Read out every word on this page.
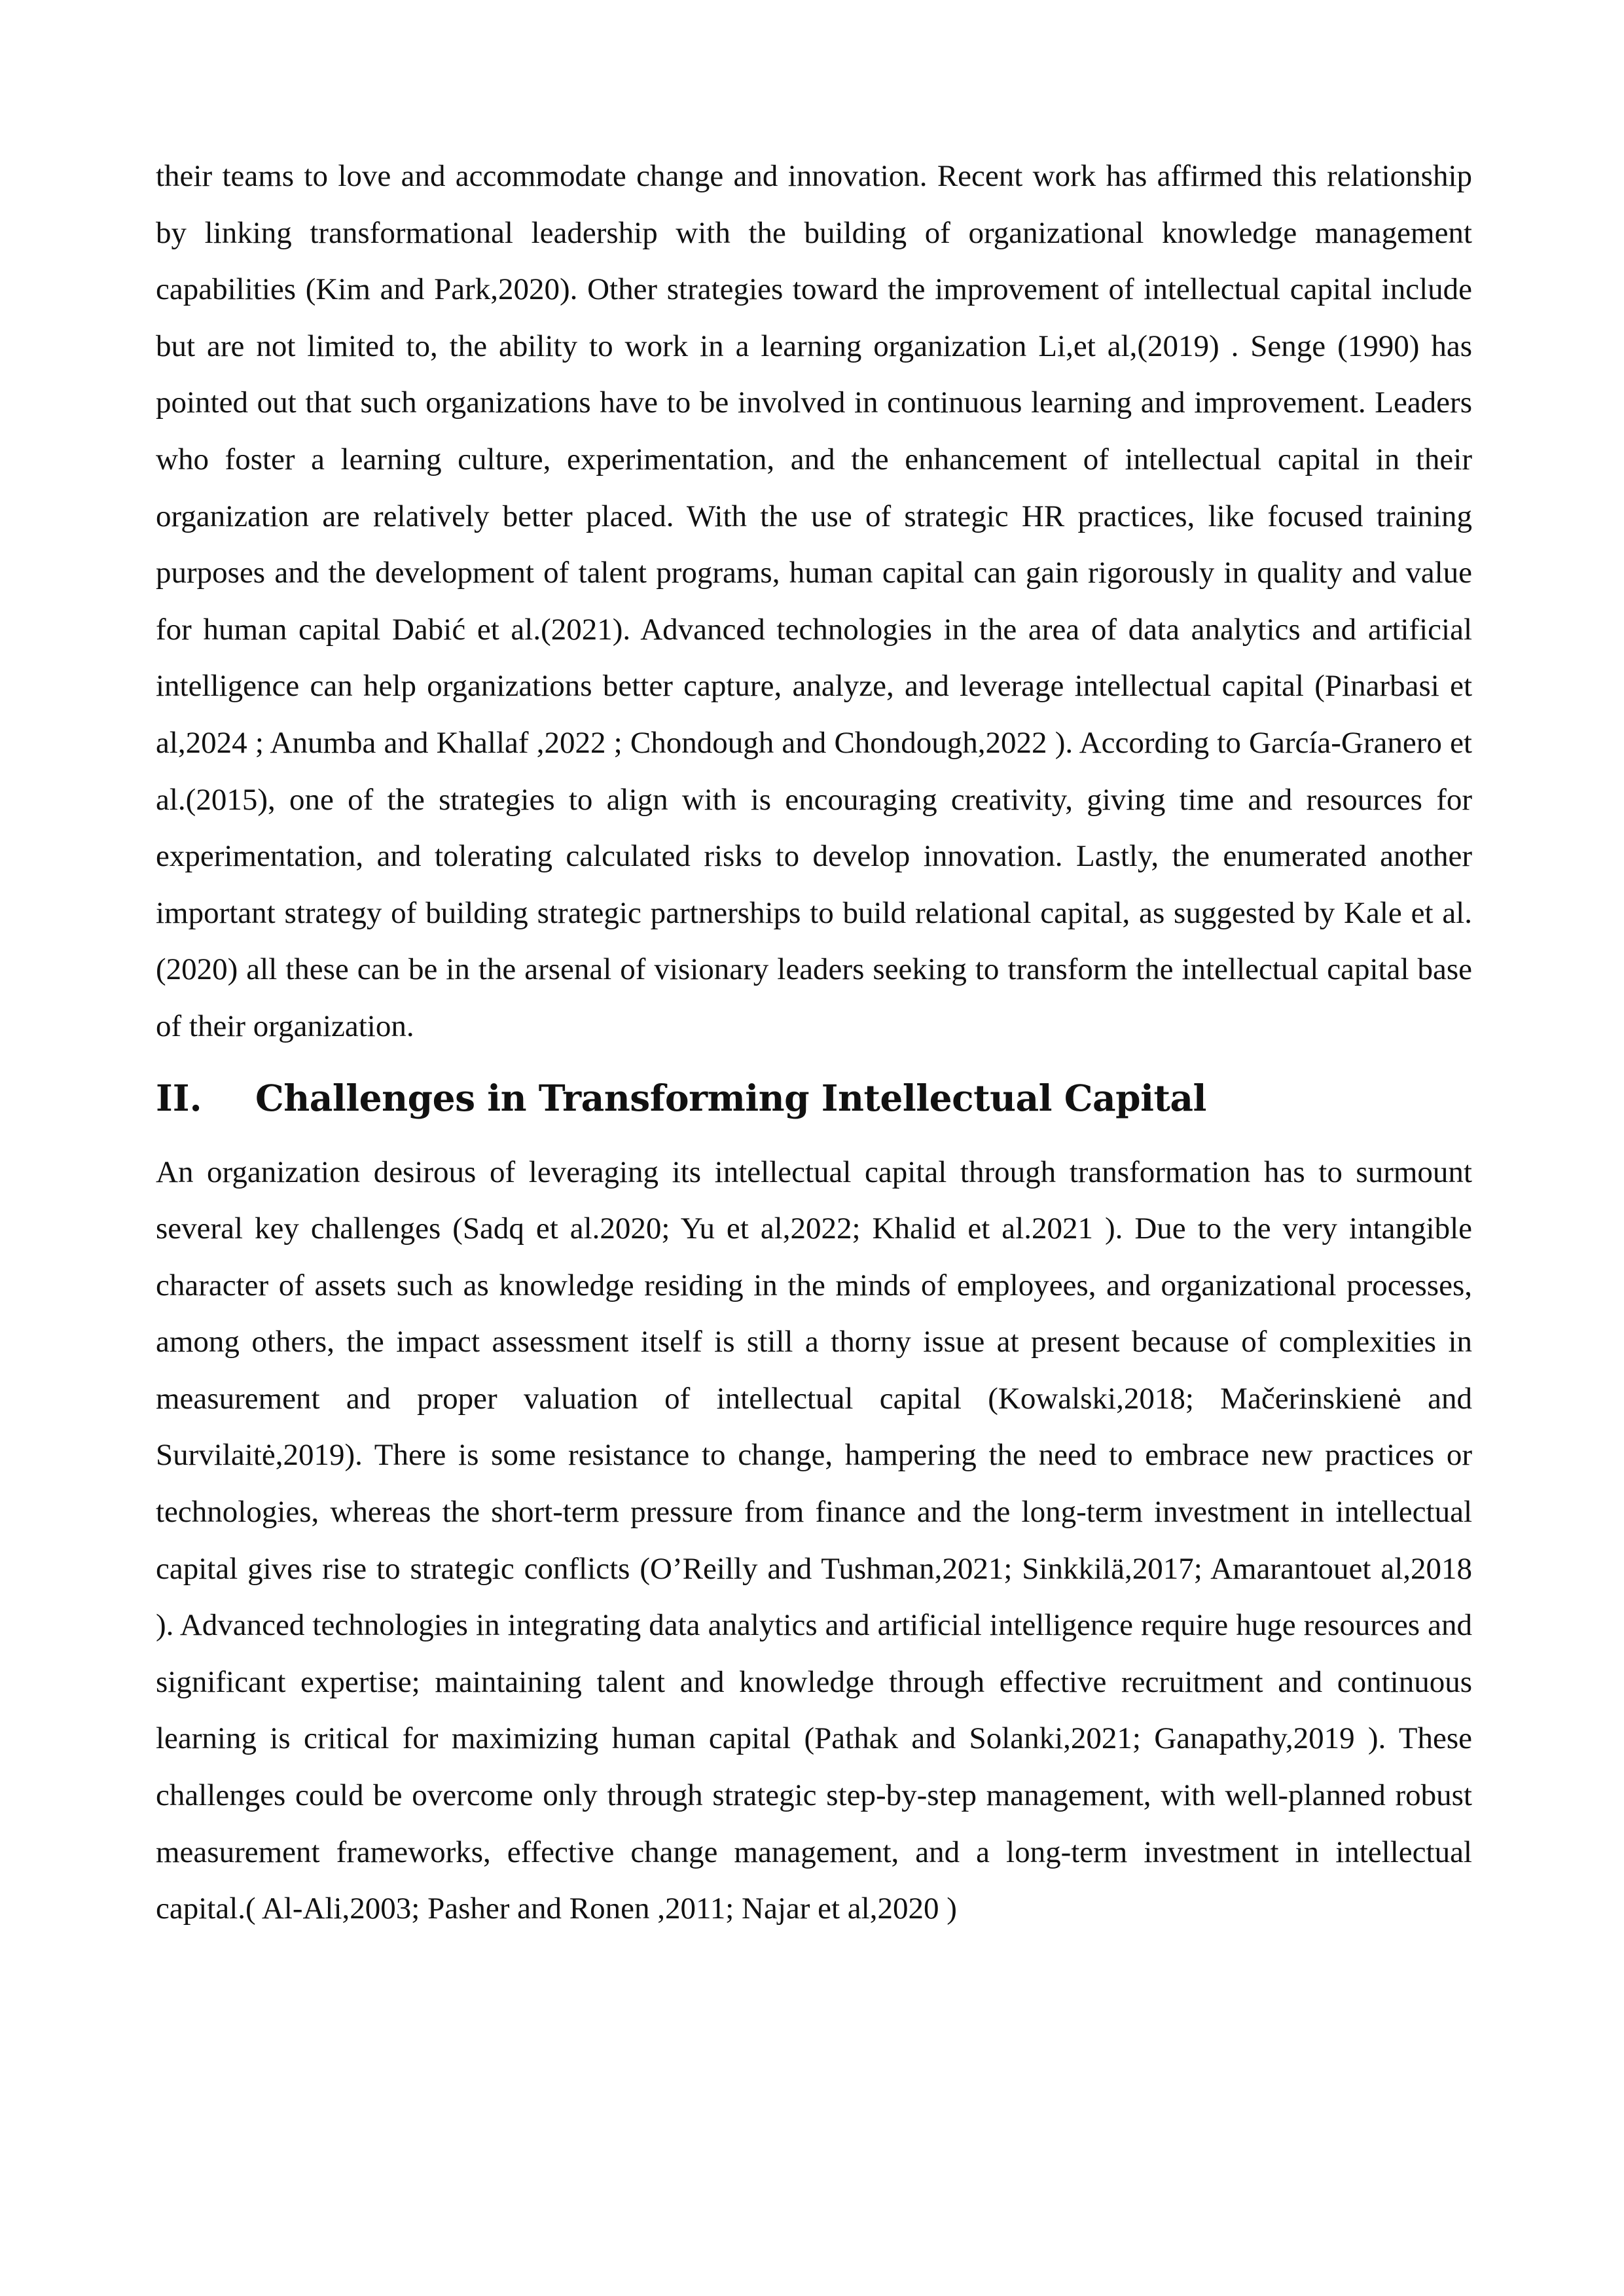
their teams to love and accommodate change and innovation. Recent work has affirmed this relationship by linking transformational leadership with the building of organizational knowledge management capabilities (Kim and Park,2020). Other strategies toward the improvement of intellectual capital include but are not limited to, the ability to work in a learning organization Li,et al,(2019) . Senge (1990) has pointed out that such organizations have to be involved in continuous learning and improvement. Leaders who foster a learning culture, experimentation, and the enhancement of intellectual capital in their organization are relatively better placed. With the use of strategic HR practices, like focused training purposes and the development of talent programs, human capital can gain rigorously in quality and value for human capital Dabić et al.(2021). Advanced technologies in the area of data analytics and artificial intelligence can help organizations better capture, analyze, and leverage intellectual capital (Pinarbasi et al,2024 ; Anumba and Khallaf ,2022 ; Chondough and Chondough,2022 ). According to García-Granero et al.(2015), one of the strategies to align with is encouraging creativity, giving time and resources for experimentation, and tolerating calculated risks to develop innovation. Lastly, the enumerated another important strategy of building strategic partnerships to build relational capital, as suggested by Kale et al.(2020) all these can be in the arsenal of visionary leaders seeking to transform the intellectual capital base of their organization.

II.	Challenges in Transforming Intellectual Capital

An organization desirous of leveraging its intellectual capital through transformation has to surmount several key challenges (Sadq et al.2020; Yu et al,2022; Khalid et al.2021 ). Due to the very intangible character of assets such as knowledge residing in the minds of employees, and organizational processes, among others, the impact assessment itself is still a thorny issue at present because of complexities in measurement and proper valuation of intellectual capital (Kowalski,2018; Mačerinskienė and Survilaitė,2019). There is some resistance to change, hampering the need to embrace new practices or technologies, whereas the short-term pressure from finance and the long-term investment in intellectual capital gives rise to strategic conflicts (O’Reilly and Tushman,2021; Sinkkilä,2017; Amarantouet al,2018 ). Advanced technologies in integrating data analytics and artificial intelligence require huge resources and significant expertise; maintaining talent and knowledge through effective recruitment and continuous learning is critical for maximizing human capital (Pathak and Solanki,2021; Ganapathy,2019 ). These challenges could be overcome only through strategic step-by-step management, with well-planned robust measurement frameworks, effective change management, and a long-term investment in intellectual capital.( Al-Ali,2003; Pasher and Ronen ,2011; Najar et al,2020 )
